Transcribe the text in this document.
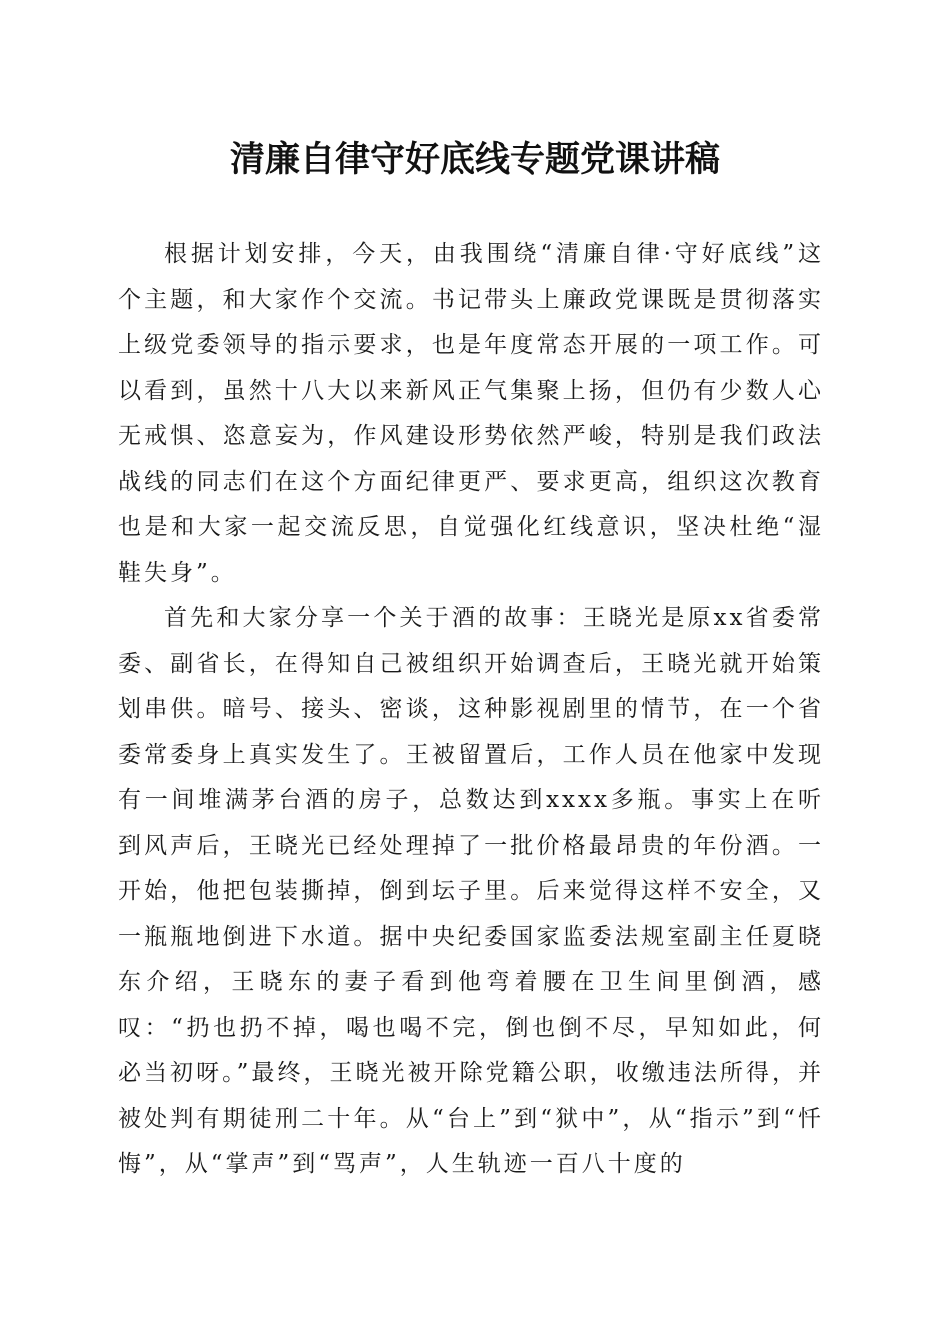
清廉自律守好底线专题党课讲稿

根据计划安排，今天，由我围绕“清廉自律·守好底线”这个主题，和大家作个交流。书记带头上廉政党课既是贯彻落实上级党委领导的指示要求，也是年度常态开展的一项工作。可以看到，虽然十八大以来新风正气集聚上扬，但仍有少数人心无戒惧、恣意妄为，作风建设形势依然严峻，特别是我们政法战线的同志们在这个方面纪律更严、要求更高，组织这次教育也是和大家一起交流反思，自觉强化红线意识，坚决杜绝“湿鞋失身”。

首先和大家分享一个关于酒的故事：王晓光是原xx省委常委、副省长，在得知自己被组织开始调查后，王晓光就开始策划串供。暗号、接头、密谈，这种影视剧里的情节，在一个省委常委身上真实发生了。王被留置后，工作人员在他家中发现有一间堆满茅台酒的房子，总数达到xxxx多瓶。事实上在听到风声后，王晓光已经处理掉了一批价格最昂贵的年份酒。一开始，他把包装撕掉，倒到坛子里。后来觉得这样不安全，又一瓶瓶地倒进下水道。据中央纪委国家监委法规室副主任夏晓东介绍，王晓东的妻子看到他弯着腰在卫生间里倒酒，感叹：“扔也扔不掉，喝也喝不完，倒也倒不尽，早知如此，何必当初呀。”最终，王晓光被开除党籍公职，收缴违法所得，并被处判有期徒刑二十年。从“台上”到“狱中”，从“指示”到“忏悔”，从“掌声”到“骂声”，人生轨迹一百八十度的
